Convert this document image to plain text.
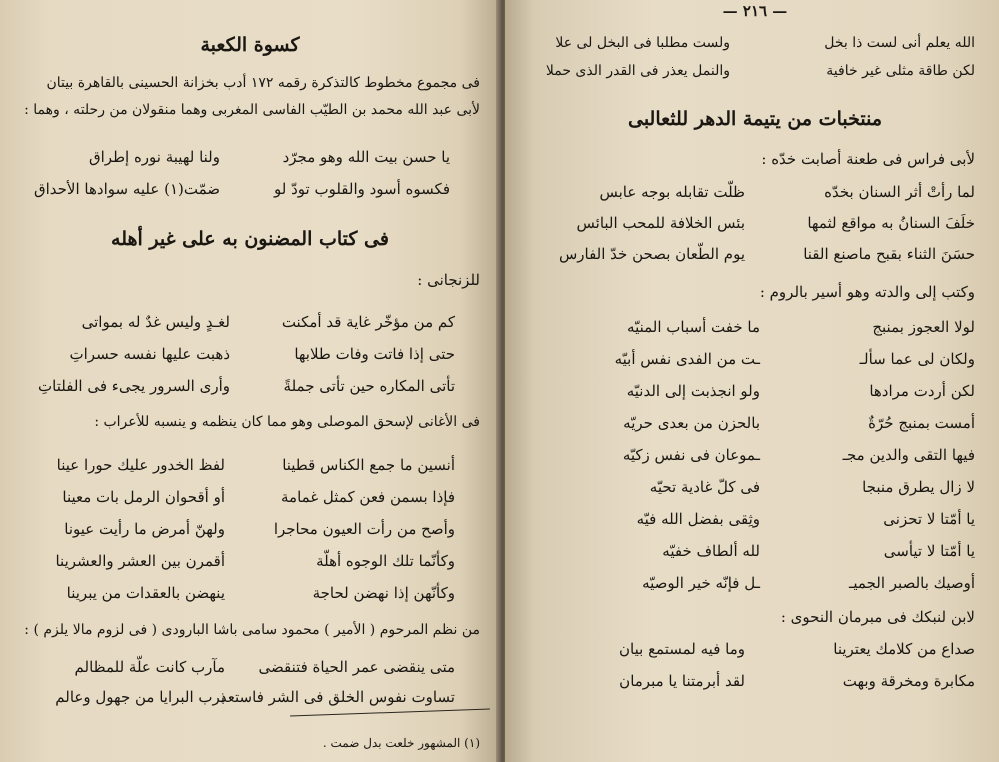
كسوة الكعبة
فى مجموع مخطوط كالتذكرة رقمه ١٧٢ أدب بخزانة الحسينى بالقاهرة بيتان
لأبى عبد الله محمد بن الطيّب الفاسى المغربى وهما منقولان من رحلته ، وهما :
يا حسن بيت الله وهو مجرّد
ولنا لهيبة نوره إطراق
فكسوه أسود والقلوب تودّ لو
ضمّت(١) عليه سوادها الأحداق
فى كتاب المضنون به على غير أهله
للزنجانى :
كم من مؤخّر غاية قد أمكنت
لغـدٍ وليس غدٌ له بمواتى
حتى إذا فاتت وفات طلابها
ذهبت عليها نفسه حسراتِ
تأتى المكاره حين تأتى جملةً
وأرى السرور يجىء فى الفلتاتِ
فى الأغانى لإسحق الموصلى وهو مما كان ينظمه و ينسبه للأعراب :
أنسين ما جمع الكناس قطينا
لفظ الخدور عليك حورا عينا
فإذا بسمن فعن كمثل غمامة
أو أقحوان الرمل بات معينا
وأصح من رأت العيون محاجرا
ولهنّ أمرض ما رأيت عيونا
وكأنّما تلك الوجوه أهلّة
أقمرن بين العشر والعشرينا
وكأنّهن إذا نهضن لحاجة
ينهضن بالعقدات من يبرينا
من نظم المرحوم ( الأمير ) محمود سامى باشا البارودى ( فى لزوم مالا يلزم ) :
متى ينقضى عمر الحياة فتنقضى
مآرب كانت علّة للمظالم
تساوت نفوس الخلق فى الشر فاستعذ
برب البرايا من جهول وعالم
(١) المشهور خلعت بدل ضمت .
— ٢١٦ —
الله يعلم أنى لست ذا بخل
ولست مطلبا فى البخل لى علا
لكن طاقة مثلى غير خافية
والنمل يعذر فى القدر الذى حملا
منتخبات من يتيمة الدهر للثعالبى
لأبى فراس فى طعنة أصابت خدّه :
لما رأتْ أثر السنان بخدّه
ظلّت تقابله بوجه عابس
خلَفَ السنانُ به مواقع لثمها
بئس الخلافة للمحب البائس
حسَنَ الثناء بقبح ماصنع القنا
يوم الطّعان بصحن خدّ الفارس
وكتب إلى والدته وهو أسير بالروم :
لولا العجوز بمنبج
ما خفت أسباب المنيّه
ولكان لى عما سألـ
ـت من الفدى نفس أبيّه
لكن أردت مرادها
ولو انجذبت إلى الدنيّه
أمست بمنبج حُرّةٌ
بالحزن من بعدى حريّه
فيها التقى والدين مجـ
ـموعان فى نفس زكيّه
لا زال يطرق منبجا
فى كلّ غادية تحيّه
يا أمّتا لا تحزنى
وثِقى بفضل الله فيّه
يا أمّتا لا تيأسى
لله ألطاف خفيّه
أوصيك بالصبر الجميـ
ـل فإنّه خير الوصيّه
لابن لنبكك فى مبرمان النحوى :
صداع من كلامك يعترينا
وما فيه لمستمع بيان
مكابرة ومخرقة وبهت
لقد أبرمتنا يا مبرمان
